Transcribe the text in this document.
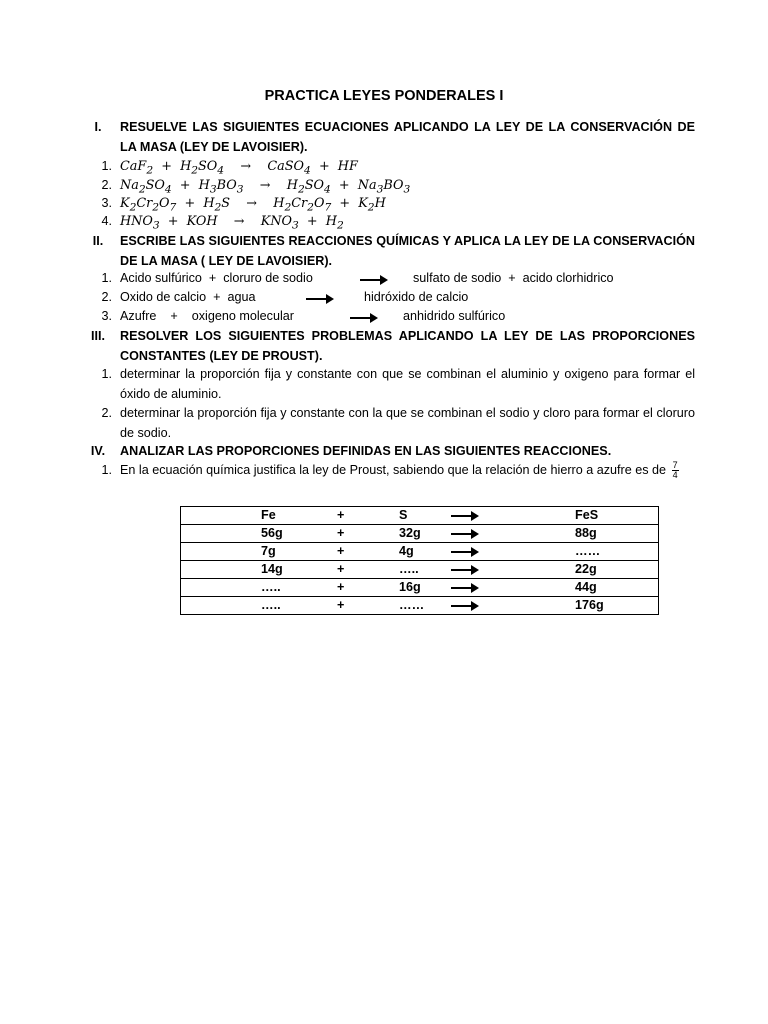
PRACTICA LEYES PONDERALES I
I.	RESUELVE LAS SIGUIENTES ECUACIONES APLICANDO LA LEY DE LA CONSERVACIÓN DE LA MASA (LEY DE LAVOISIER).
1. $CaF_2 + H_2SO_4$    →    CaSO$_4$  +  HF
2. $Na_2SO_4 + H_3BO_3$    →    $H_2SO_4 + Na_3BO_3$
3. $K_2Cr_2O_7 + H_2S$    →    $H_2Cr_2O_7 + K_2H$
4. $HNO_3$  +  KOH    →    $KNO_3 + H_2$
II.	ESCRIBE LAS SIGUIENTES REACCIONES QUÍMICAS Y APLICA LA LEY DE LA CONSERVACIÓN DE LA MASA ( LEY DE LAVOISIER).
1. Acido sulfúrico  +  cloruro de sodio	sulfato de sodio  +  acido clorhidrico
2. Oxido de calcio  +  agua	hidróxido de calcio
3. Azufre    +    oxigeno molecular	anhidrido sulfúrico
III.	RESOLVER LOS SIGUIENTES PROBLEMAS APLICANDO LA LEY DE LAS PROPORCIONES CONSTANTES (LEY DE PROUST).
1. determinar la proporción fija y constante con que se combinan el aluminio y oxigeno para formar el óxido de aluminio.
2. determinar la proporción fija y constante con la que se combinan el sodio y cloro para formar el cloruro de sodio.
IV.	ANALIZAR LAS PROPORCIONES DEFINIDAS EN LAS SIGUIENTES REACCIONES.
1. En la ecuación química justifica la ley de Proust, sabiendo que la relación de hierro a azufre es de $\frac{7}{4}$
Fe	+	S	FeS

56g	+	32g	88g

7g	+	4g	……

14g	+	…..	22g

…..	+	16g	44g

…..	+	……	176g
